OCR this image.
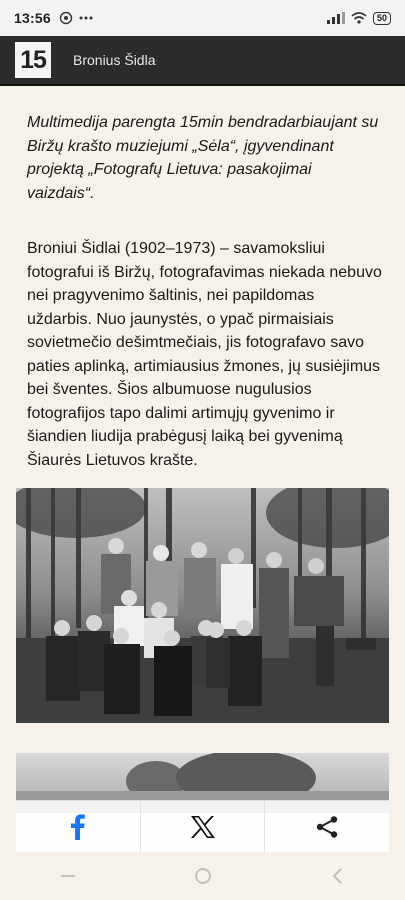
13:56	50
15 Bronius Šidla

Multimedija parengta 15min bendradarbiaujant su Biržų krašto muziejumi „Sėla“, įgyvendinant projektą „Fotografų Lietuva: pasakojimai vaizdais“.

Broniui Šidlai (1902–1973) – savamoksliui fotografui iš Biržų, fotografavimas niekada nebuvo nei pragyvenimo šaltinis, nei papildomas uždarbis. Nuo jaunystės, o ypač pirmaisiais sovietmečio dešimtmečiais, jis fotografavo savo paties aplinką, artimiausius žmones, jų susiėjimus bei šventes. Šios albumuose nugulusios fotografijos tapo dalimi artimųjų gyvenimo ir šiandien liudija prabėgusį laiką bei gyvenimą Šiaurės Lietuvos krašte.
